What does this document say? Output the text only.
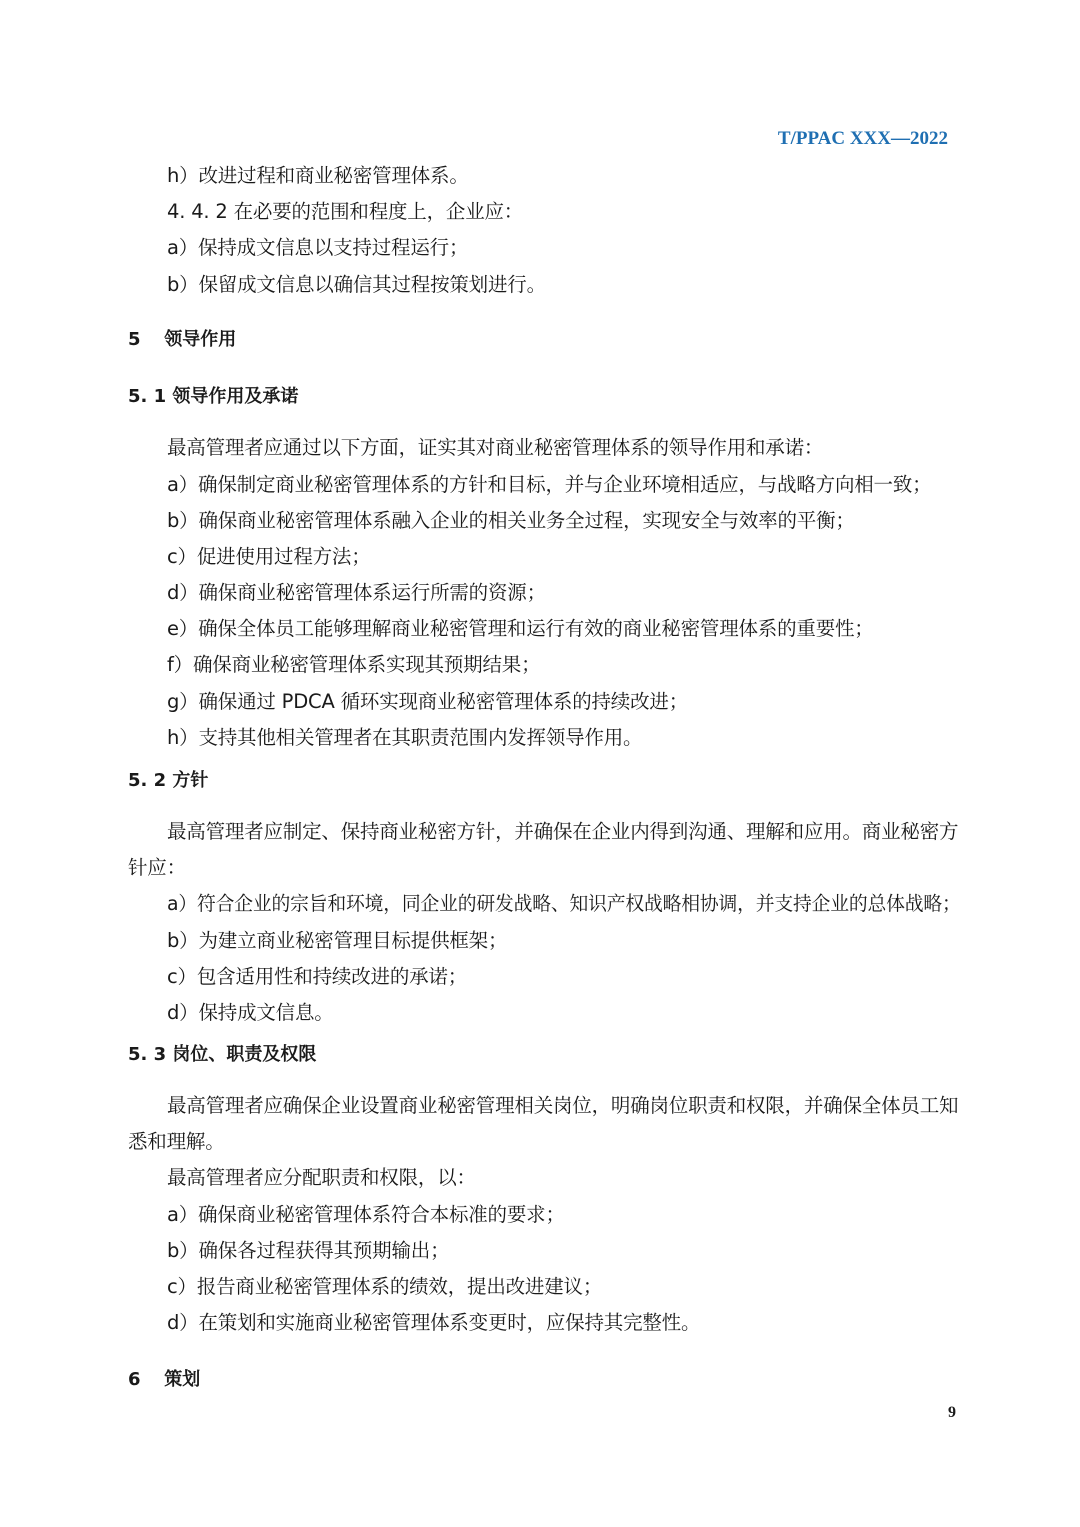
T/PPAC XXX—2022
h）改进过程和商业秘密管理体系。
4. 4. 2 在必要的范围和程度上，企业应：
a）保持成文信息以支持过程运行；
b）保留成文信息以确信其过程按策划进行。
5 领导作用
5. 1 领导作用及承诺
最高管理者应通过以下方面，证实其对商业秘密管理体系的领导作用和承诺：
a）确保制定商业秘密管理体系的方针和目标，并与企业环境相适应，与战略方向相一致；
b）确保商业秘密管理体系融入企业的相关业务全过程，实现安全与效率的平衡；
c）促进使用过程方法；
d）确保商业秘密管理体系运行所需的资源；
e）确保全体员工能够理解商业秘密管理和运行有效的商业秘密管理体系的重要性；
f）确保商业秘密管理体系实现其预期结果；
g）确保通过 PDCA 循环实现商业秘密管理体系的持续改进；
h）支持其他相关管理者在其职责范围内发挥领导作用。
5. 2 方针
最高管理者应制定、保持商业秘密方针，并确保在企业内得到沟通、理解和应用。商业秘密方
针应：
a）符合企业的宗旨和环境，同企业的研发战略、知识产权战略相协调，并支持企业的总体战略；
b）为建立商业秘密管理目标提供框架；
c）包含适用性和持续改进的承诺；
d）保持成文信息。
5. 3 岗位、职责及权限
最高管理者应确保企业设置商业秘密管理相关岗位，明确岗位职责和权限，并确保全体员工知
悉和理解。
最高管理者应分配职责和权限，以：
a）确保商业秘密管理体系符合本标准的要求；
b）确保各过程获得其预期输出；
c）报告商业秘密管理体系的绩效，提出改进建议；
d）在策划和实施商业秘密管理体系变更时，应保持其完整性。
6 策划
9
